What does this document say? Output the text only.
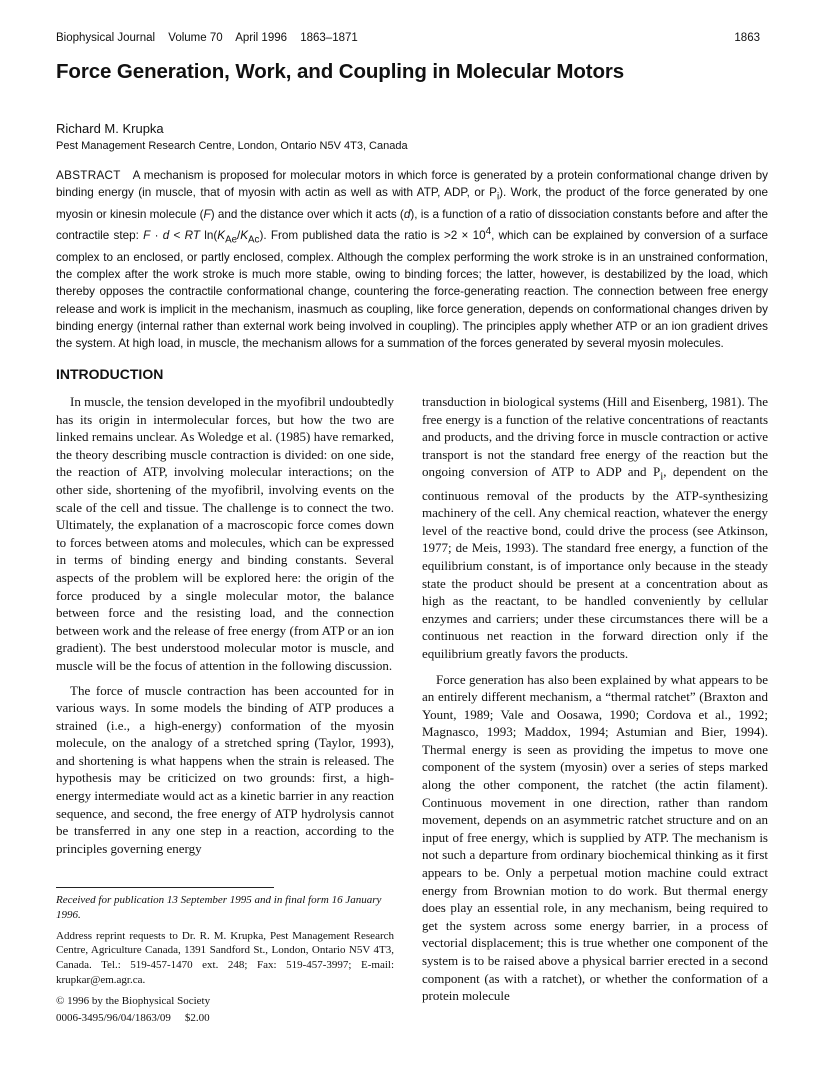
Biophysical Journal Volume 70 April 1996 1863–1871	1863
Force Generation, Work, and Coupling in Molecular Motors
Richard M. Krupka
Pest Management Research Centre, London, Ontario N5V 4T3, Canada
ABSTRACT A mechanism is proposed for molecular motors in which force is generated by a protein conformational change driven by binding energy (in muscle, that of myosin with actin as well as with ATP, ADP, or $P_i$). Work, the product of the force generated by one myosin or kinesin molecule (F) and the distance over which it acts (d), is a function of a ratio of dissociation constants before and after the contractile step: F · d < RT $\ln(K_{Ae}/K_{Ac})$. From published data the ratio is $>2 \times 10^4$, which can be explained by conversion of a surface complex to an enclosed, or partly enclosed, complex. Although the complex performing the work stroke is in an unstrained conformation, the complex after the work stroke is much more stable, owing to binding forces; the latter, however, is destabilized by the load, which thereby opposes the contractile conformational change, countering the force-generating reaction. The connection between free energy release and work is implicit in the mechanism, inasmuch as coupling, like force generation, depends on conformational changes driven by binding energy (internal rather than external work being involved in coupling). The principles apply whether ATP or an ion gradient drives the system. At high load, in muscle, the mechanism allows for a summation of the forces generated by several myosin molecules.
INTRODUCTION

In muscle, the tension developed in the myofibril undoubtedly has its origin in intermolecular forces, but how the two are linked remains unclear. As Woledge et al. (1985) have remarked, the theory describing muscle contraction is divided: on one side, the reaction of ATP, involving molecular interactions; on the other side, shortening of the myofibril, involving events on the scale of the cell and tissue. The challenge is to connect the two. Ultimately, the explanation of a macroscopic force comes down to forces between atoms and molecules, which can be expressed in terms of binding energy and binding constants. Several aspects of the problem will be explored here: the origin of the force produced by a single molecular motor, the balance between force and the resisting load, and the connection between work and the release of free energy (from ATP or an ion gradient). The best understood molecular motor is muscle, and muscle will be the focus of attention in the following discussion.

The force of muscle contraction has been accounted for in various ways. In some models the binding of ATP produces a strained (i.e., a high-energy) conformation of the myosin molecule, on the analogy of a stretched spring (Taylor, 1993), and shortening is what happens when the strain is released. The hypothesis may be criticized on two grounds: first, a high-energy intermediate would act as a kinetic barrier in any reaction sequence, and second, the free energy of ATP hydrolysis cannot be transferred in any one step in a reaction, according to the principles governing energy

transduction in biological systems (Hill and Eisenberg, 1981). The free energy is a function of the relative concentrations of reactants and products, and the driving force in muscle contraction or active transport is not the standard free energy of the reaction but the ongoing conversion of ATP to ADP and $P_i$, dependent on the continuous removal of the products by the ATP-synthesizing machinery of the cell. Any chemical reaction, whatever the energy level of the reactive bond, could drive the process (see Atkinson, 1977; de Meis, 1993). The standard free energy, a function of the equilibrium constant, is of importance only because in the steady state the product should be present at a concentration about as high as the reactant, to be handled conveniently by cellular enzymes and carriers; under these circumstances there will be a continuous net reaction in the forward direction only if the equilibrium greatly favors the products.

Force generation has also been explained by what appears to be an entirely different mechanism, a “thermal ratchet” (Braxton and Yount, 1989; Vale and Oosawa, 1990; Cordova et al., 1992; Magnasco, 1993; Maddox, 1994; Astumian and Bier, 1994). Thermal energy is seen as providing the impetus to move one component of the system (myosin) over a series of steps marked along the other component, the ratchet (the actin filament). Continuous movement in one direction, rather than random movement, depends on an asymmetric ratchet structure and on an input of free energy, which is supplied by ATP. The mechanism is not such a departure from ordinary biochemical thinking as it first appears to be. Only a perpetual motion machine could extract energy from Brownian motion to do work. But thermal energy does play an essential role, in any mechanism, being required to get the system across some energy barrier, in a process of vectorial displacement; this is true whether one component of the system is to be raised above a physical barrier erected in a second component (as with a ratchet), or whether the conformation of a protein molecule

Received for publication 13 September 1995 and in final form 16 January 1996.

Address reprint requests to Dr. R. M. Krupka, Pest Management Research Centre, Agriculture Canada, 1391 Sandford St., London, Ontario N5V 4T3, Canada. Tel.: 519-457-1470 ext. 248; Fax: 519-457-3997; E-mail: krupkar@em.agr.ca.

© 1996 by the Biophysical Society

0006-3495/96/04/1863/09 $2.00
